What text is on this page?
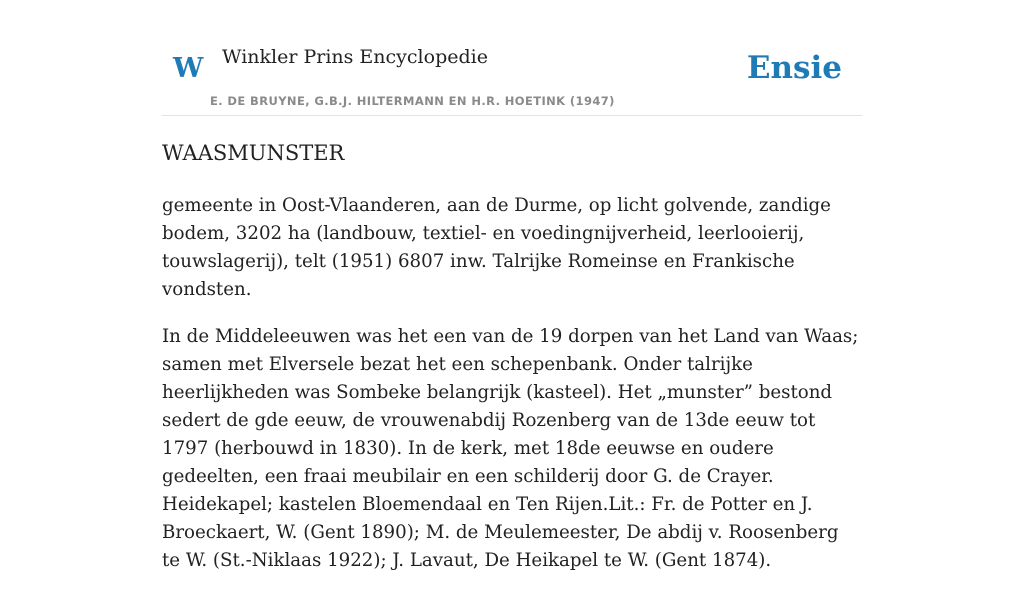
W Winkler Prins Encyclopedie
E. DE BRUYNE, G.B.J. HILTERMANN EN H.R. HOETINK (1947)
Ensie
WAASMUNSTER

gemeente in Oost-Vlaanderen, aan de Durme, op licht golvende, zandige bodem, 3202 ha (landbouw, textiel- en voedingnijverheid, leerlooierij, touwslagerij), telt (1951) 6807 inw. Talrijke Romeinse en Frankische vondsten.

In de Middeleeuwen was het een van de 19 dorpen van het Land van Waas; samen met Elversele bezat het een schepenbank. Onder talrijke heerlijkheden was Sombeke belangrijk (kasteel). Het „munster” bestond sedert de gde eeuw, de vrouwenabdij Rozenberg van de 13de eeuw tot 1797 (herbouwd in 1830). In de kerk, met 18de eeuwse en oudere gedeelten, een fraai meubilair en een schilderij door G. de Crayer. Heidekapel; kastelen Bloemendaal en Ten Rijen.Lit.: Fr. de Potter en J. Broeckaert, W. (Gent 1890); M. de Meulemeester, De abdij v. Roosenberg te W. (St.-Niklaas 1922); J. Lavaut, De Heikapel te W. (Gent 1874).
